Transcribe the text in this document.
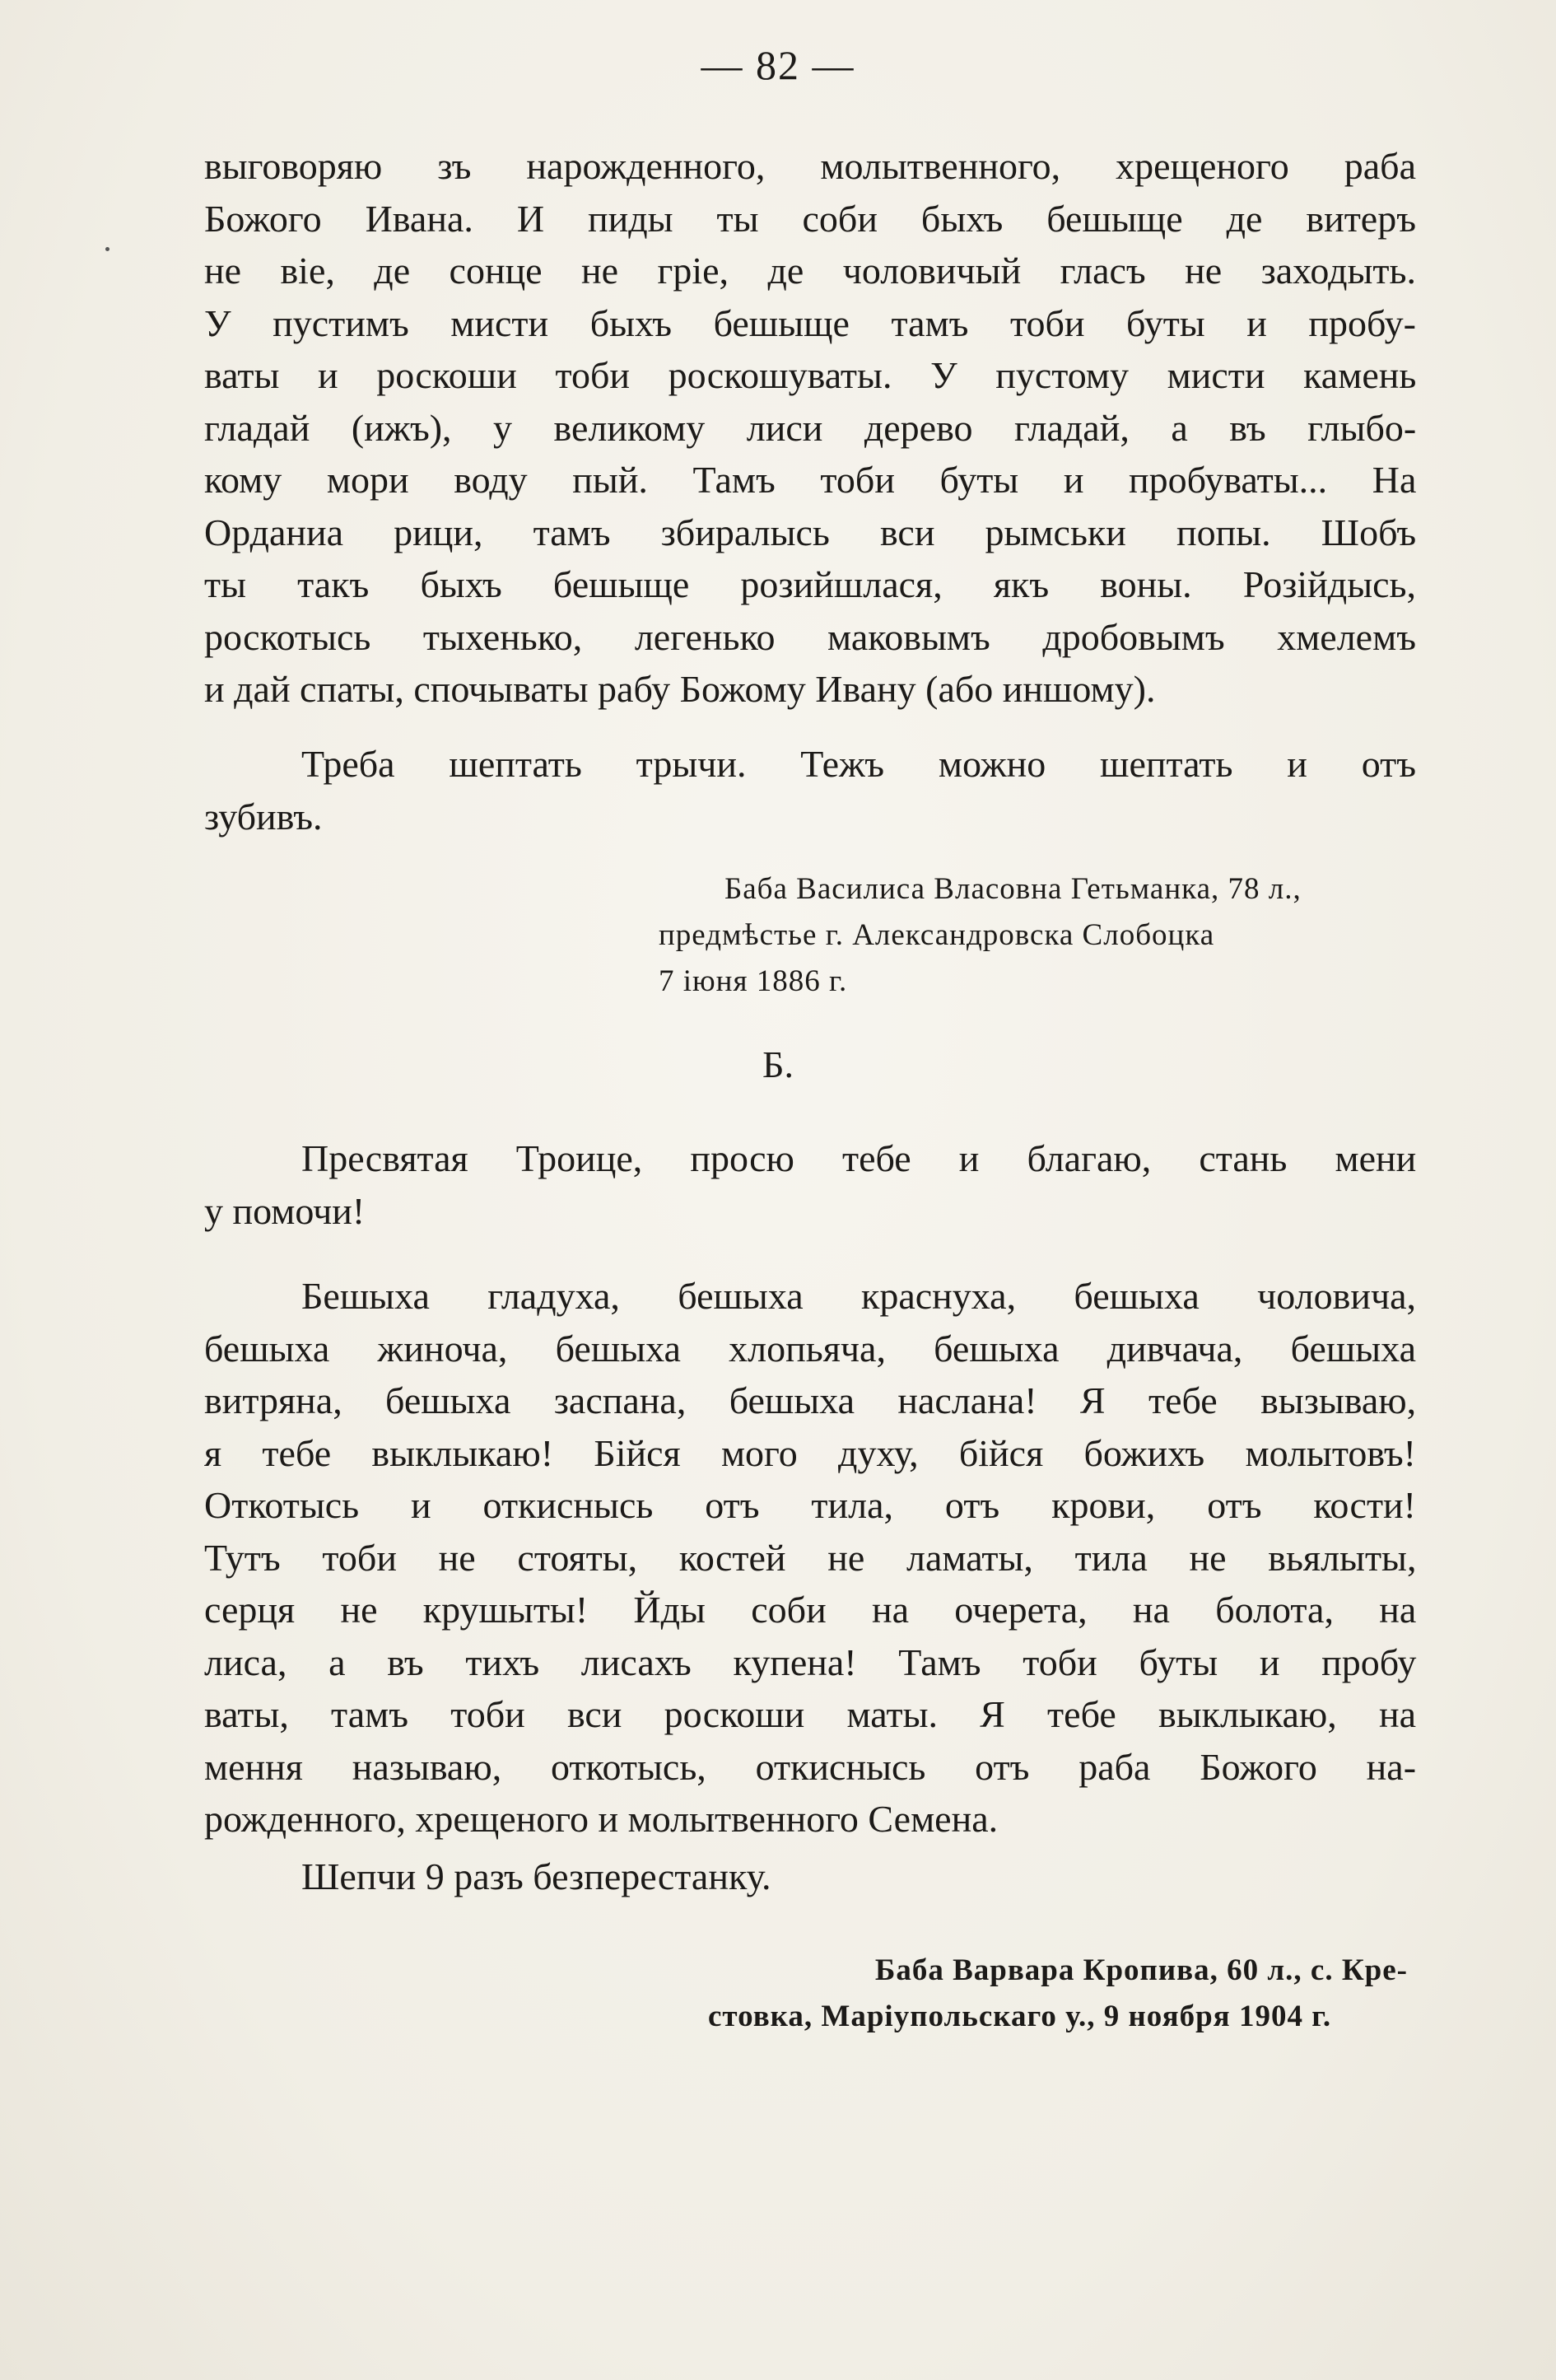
— 82 —
выговоряю зъ нарожденного, молытвенного, хрещеного раба
Божого Ивана. И пиды ты соби быхъ бешыще де витеръ
не віе, де сонце не гріе, де чоловичый гласъ не заходыть.
У пустимъ мисти быхъ бешыще тамъ тоби буты и пробу-
ваты и роскоши тоби роскошуваты. У пустому мисти камень
гладай (ижъ), у великому лиси дерево гладай, а въ глыбо-
кому мори воду пый. Тамъ тоби буты и пробуваты... На
Орданиа рици, тамъ збиралысь вси рымськи попы. Шобъ
ты такъ быхъ бешыще розийшлася, якъ воны. Розійдысь,
роскотысь тыхенько, легенько маковымъ дробовымъ хмелемъ
и дай спаты, спочываты рабу Божому Ивану (або иншому).
Треба шептать трычи. Тежъ можно шептать и отъ
зубивъ.
Баба Василиса Власовна Гетьманка, 78 л.,
предмѣстье г. Александровска Слобоцка
7 іюня 1886 г.
Б.
Пресвятая Троице, просю тебе и благаю, стань мени
у помочи!
Бешыха гладуха, бешыха краснуха, бешыха чоловича,
бешыха жиноча, бешыха хлопьяча, бешыха дивчача, бешыха
витряна, бешыха заспана, бешыха наслана! Я тебе вызываю,
я тебе выклыкаю! Бійся мого духу, бійся божихъ молытовъ!
Откотысь и откиснысь отъ тила, отъ крови, отъ кости!
Тутъ тоби не стояты, костей не ламаты, тила не вьялыты,
серця не крушыты! Йды соби на очерета, на болота, на
лиса, а въ тихъ лисахъ купена! Тамъ тоби буты и пробу
ваты, тамъ тоби вси роскоши маты. Я тебе выклыкаю, на
мення называю, откотысь, откиснысь отъ раба Божого на-
рожденного, хрещеного и молытвенного Семена.
Шепчи 9 разъ безперестанку.
Баба Варвара Кропива, 60 л., с. Кре-
стовка, Маріупольскаго у., 9 ноября 1904 г.
